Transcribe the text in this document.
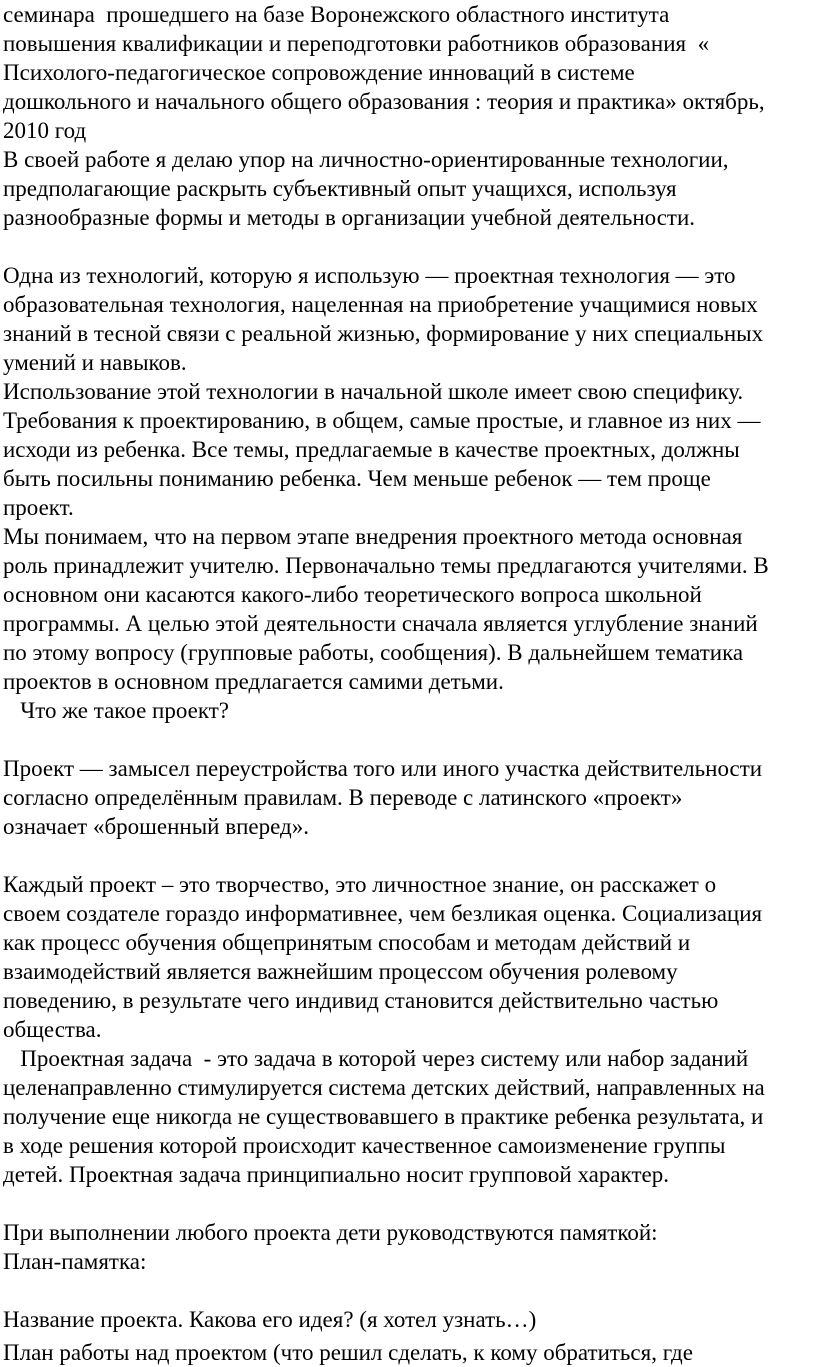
семинара  прошедшего на базе Воронежского областного института
повышения квалификации и переподготовки работников образования  «
Психолого-педагогическое сопровождение инноваций в системе
дошкольного и начального общего образования : теория и практика» октябрь,
2010 год
В своей работе я делаю упор на личностно-ориентированные технологии,
предполагающие раскрыть субъективный опыт учащихся, используя
разнообразные формы и методы в организации учебной деятельности.
Одна из технологий, которую я использую — проектная технология — это
образовательная технология, нацеленная на приобретение учащимися новых
знаний в тесной связи с реальной жизнью, формирование у них специальных
умений и навыков.
Использование этой технологии в начальной школе имеет свою специфику.
Требования к проектированию, в общем, самые простые, и главное из них —
исходи из ребенка. Все темы, предлагаемые в качестве проектных, должны
быть посильны пониманию ребенка. Чем меньше ребенок — тем проще
проект.
Мы понимаем, что на первом этапе внедрения проектного метода основная
роль принадлежит учителю. Первоначально темы предлагаются учителями. В
основном они касаются какого-либо теоретического вопроса школьной
программы. А целью этой деятельности сначала является углубление знаний
по этому вопросу (групповые работы, сообщения). В дальнейшем тематика
проектов в основном предлагается самими детьми.
Что же такое проект?
Проект — замысел переустройства того или иного участка действительности
согласно определённым правилам. В переводе с латинского «проект»
означает «брошенный вперед».
Каждый проект – это творчество, это личностное знание, он расскажет о
своем создателе гораздо информативнее, чем безликая оценка. Социализация
как процесс обучения общепринятым способам и методам действий и
взаимодействий является важнейшим процессом обучения ролевому
поведению, в результате чего индивид становится действительно частью
общества.
Проектная задача  - это задача в которой через систему или набор заданий
целенаправленно стимулируется система детских действий, направленных на
получение еще никогда не существовавшего в практике ребенка результата, и
в ходе решения которой происходит качественное самоизменение группы
детей. Проектная задача принципиально носит групповой характер.
При выполнении любого проекта дети руководствуются памяткой:
План-памятка:
Название проекта. Какова его идея? (я хотел узнать…)
План работы над проектом (что решил сделать, к кому обратиться, где
